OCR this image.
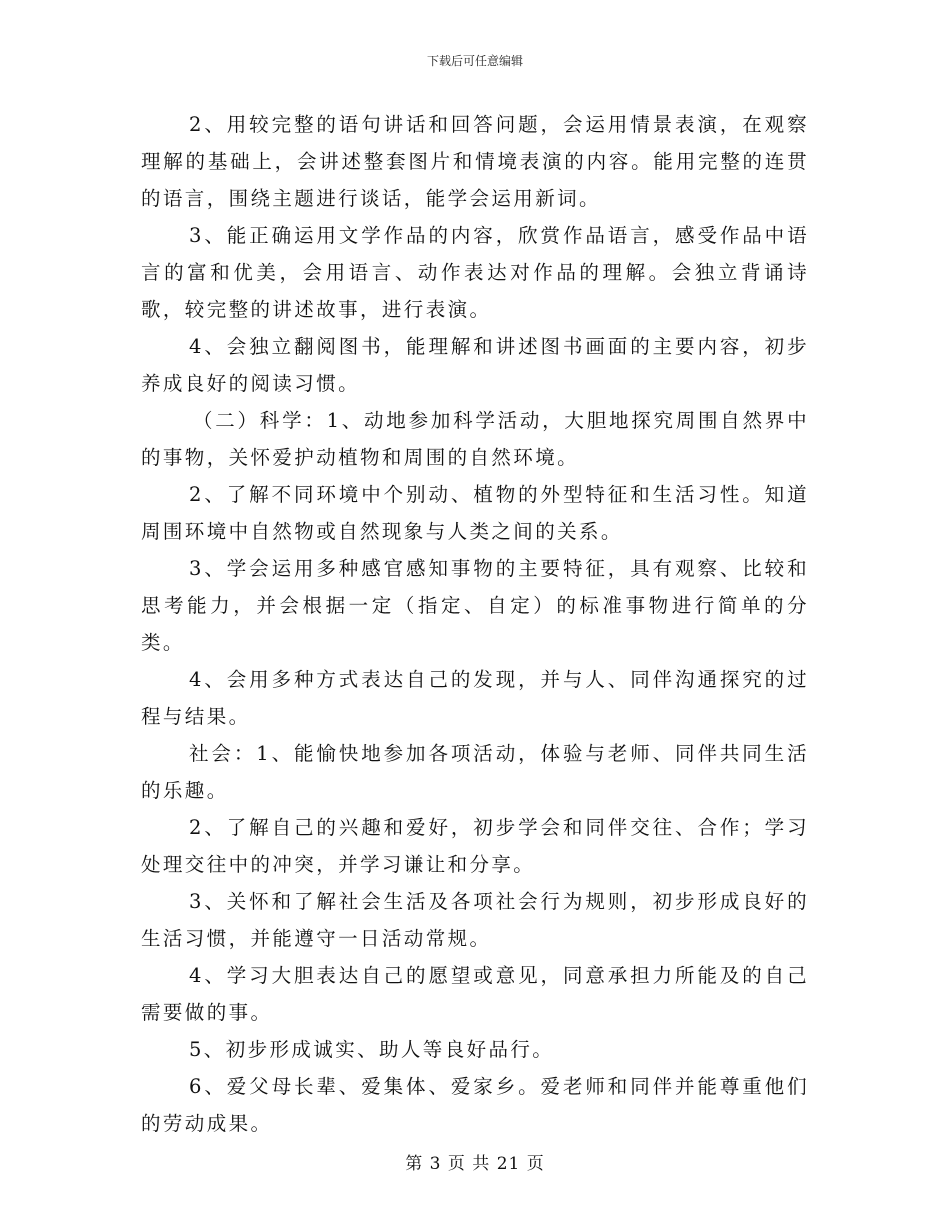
下载后可任意编辑

2、用较完整的语句讲话和回答问题，会运用情景表演，在观察理解的基础上，会讲述整套图片和情境表演的内容。能用完整的连贯的语言，围绕主题进行谈话，能学会运用新词。

3、能正确运用文学作品的内容，欣赏作品语言，感受作品中语言的富和优美，会用语言、动作表达对作品的理解。会独立背诵诗歌，较完整的讲述故事，进行表演。

4、会独立翻阅图书，能理解和讲述图书画面的主要内容，初步养成良好的阅读习惯。

（二）科学：1、动地参加科学活动，大胆地探究周围自然界中的事物，关怀爱护动植物和周围的自然环境。

2、了解不同环境中个别动、植物的外型特征和生活习性。知道周围环境中自然物或自然现象与人类之间的关系。

3、学会运用多种感官感知事物的主要特征，具有观察、比较和思考能力，并会根据一定（指定、自定）的标准事物进行简单的分类。

4、会用多种方式表达自己的发现，并与人、同伴沟通探究的过程与结果。

社会：1、能愉快地参加各项活动，体验与老师、同伴共同生活的乐趣。

2、了解自己的兴趣和爱好，初步学会和同伴交往、合作；学习处理交往中的冲突，并学习谦让和分享。

3、关怀和了解社会生活及各项社会行为规则，初步形成良好的生活习惯，并能遵守一日活动常规。

4、学习大胆表达自己的愿望或意见，同意承担力所能及的自己需要做的事。

5、初步形成诚实、助人等良好品行。

6、爱父母长辈、爱集体、爱家乡。爱老师和同伴并能尊重他们的劳动成果。

第 3 页 共 21 页
